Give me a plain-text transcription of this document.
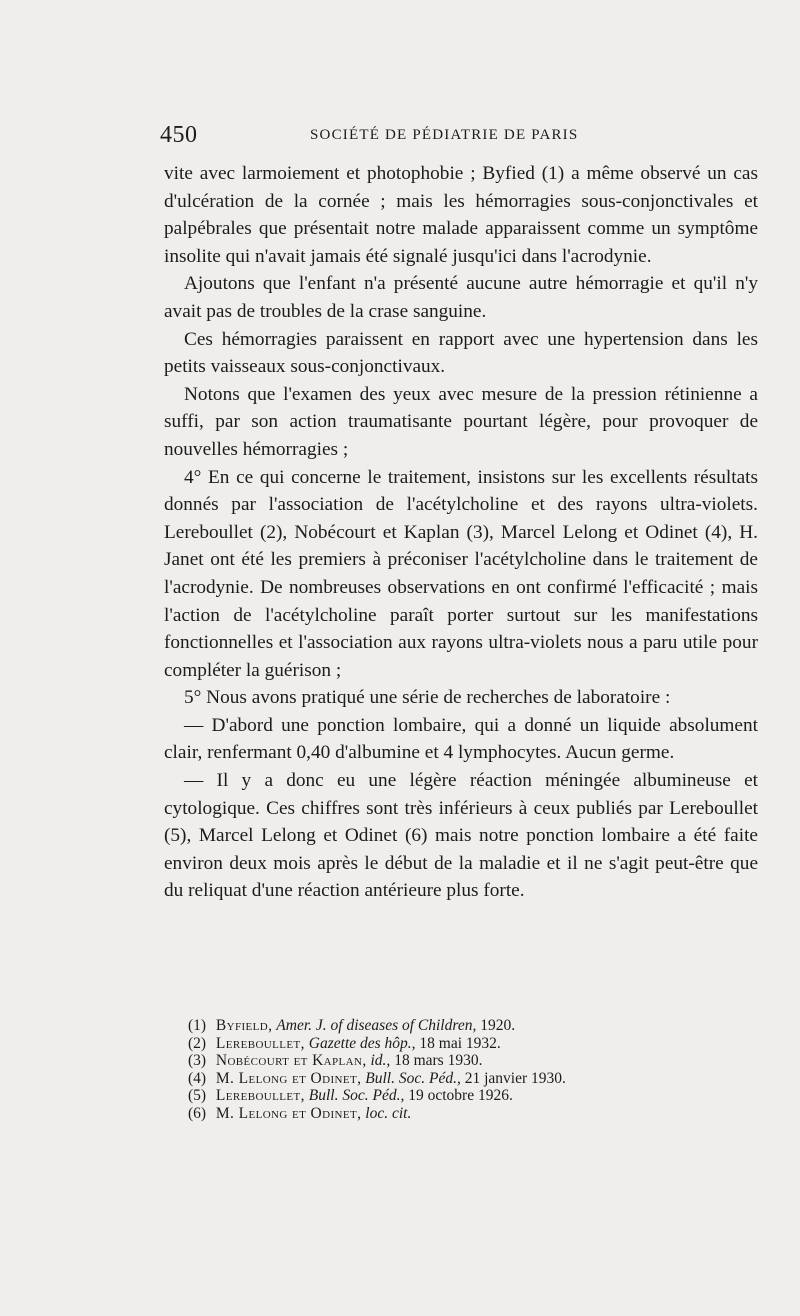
450	SOCIÉTÉ DE PÉDIATRIE DE PARIS

vite avec larmoiement et photophobie ; Byfied (1) a même observé un cas d'ulcération de la cornée ; mais les hémorragies sous-conjonctivales et palpébrales que présentait notre malade apparaissent comme un symptôme insolite qui n'avait jamais été signalé jusqu'ici dans l'acrodynie.

Ajoutons que l'enfant n'a présenté aucune autre hémorragie et qu'il n'y avait pas de troubles de la crase sanguine.

Ces hémorragies paraissent en rapport avec une hypertension dans les petits vaisseaux sous-conjonctivaux.

Notons que l'examen des yeux avec mesure de la pression rétinienne a suffi, par son action traumatisante pourtant légère, pour provoquer de nouvelles hémorragies ;

4° En ce qui concerne le traitement, insistons sur les excellents résultats donnés par l'association de l'acétylcholine et des rayons ultra-violets. Lereboullet (2), Nobécourt et Kaplan (3), Marcel Lelong et Odinet (4), H. Janet ont été les premiers à préconiser l'acétylcholine dans le traitement de l'acrodynie. De nombreuses observations en ont confirmé l'efficacité ; mais l'action de l'acétylcholine paraît porter surtout sur les manifestations fonctionnelles et l'association aux rayons ultra-violets nous a paru utile pour compléter la guérison ;

5° Nous avons pratiqué une série de recherches de laboratoire :

— D'abord une ponction lombaire, qui a donné un liquide absolument clair, renfermant 0,40 d'albumine et 4 lymphocytes. Aucun germe.

— Il y a donc eu une légère réaction méningée albumineuse et cytologique. Ces chiffres sont très inférieurs à ceux publiés par Lereboullet (5), Marcel Lelong et Odinet (6) mais notre ponction lombaire a été faite environ deux mois après le début de la maladie et il ne s'agit peut-être que du reliquat d'une réaction antérieure plus forte.

(1) Byfield, Amer. J. of diseases of Children, 1920.
(2) Lereboullet, Gazette des hôp., 18 mai 1932.
(3) Nobécourt et Kaplan, id., 18 mars 1930.
(4) M. Lelong et Odinet, Bull. Soc. Péd., 21 janvier 1930.
(5) Lereboullet, Bull. Soc. Péd., 19 octobre 1926.
(6) M. Lelong et Odinet, loc. cit.
